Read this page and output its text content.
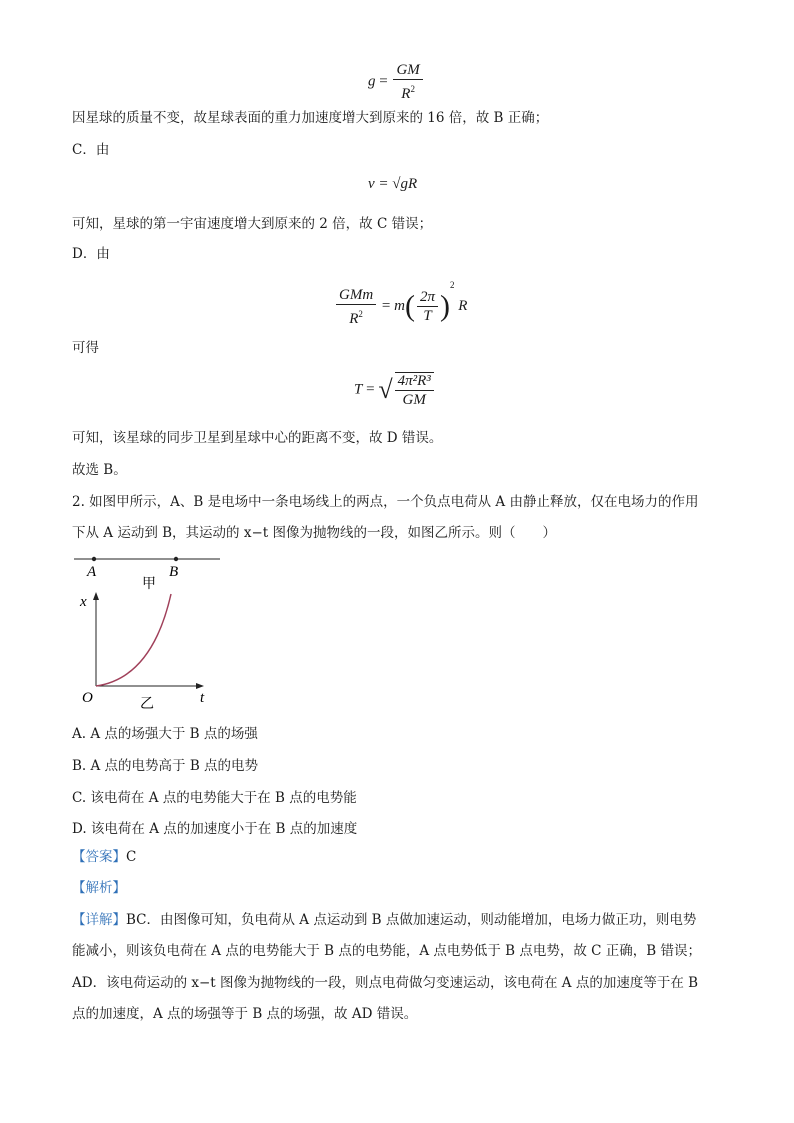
$g = \frac{GM}{R^2}$
因星球的质量不变，故星球表面的重力加速度增大到原来的 16 倍，故 B 正确；
C．由
v = √gR
可知，星球的第一宇宙速度增大到原来的 2 倍，故 C 错误；
D．由
$\frac{\text{GMm}}{R^2} = m( \frac{2\pi}{T} )^2$ R
可得
T = √ $\frac{\text{4π²R³}}{GM}$
可知，该星球的同步卫星到星球中心的距离不变，故 D 错误。
故选 B。
2. 如图甲所示，A、B 是电场中一条电场线上的两点，一个负点电荷从 A 由静止释放，仅在电场力的作用
下从 A 运动到 B，其运动的 x−t 图像为抛物线的一段，如图乙所示。则（　　）
A	B
甲
x
O	t
乙
A. A 点的场强大于 B 点的场强
B. A 点的电势高于 B 点的电势
C. 该电荷在 A 点的电势能大于在 B 点的电势能
D. 该电荷在 A 点的加速度小于在 B 点的加速度
【答案】C
【解析】
【详解】BC．由图像可知，负电荷从 A 点运动到 B 点做加速运动，则动能增加，电场力做正功，则电势
能减小，则该负电荷在 A 点的电势能大于 B 点的电势能，A 点电势低于 B 点电势，故 C 正确，B 错误；
AD．该电荷运动的 x−t 图像为抛物线的一段，则点电荷做匀变速运动，该电荷在 A 点的加速度等于在 B
点的加速度，A 点的场强等于 B 点的场强，故 AD 错误。
